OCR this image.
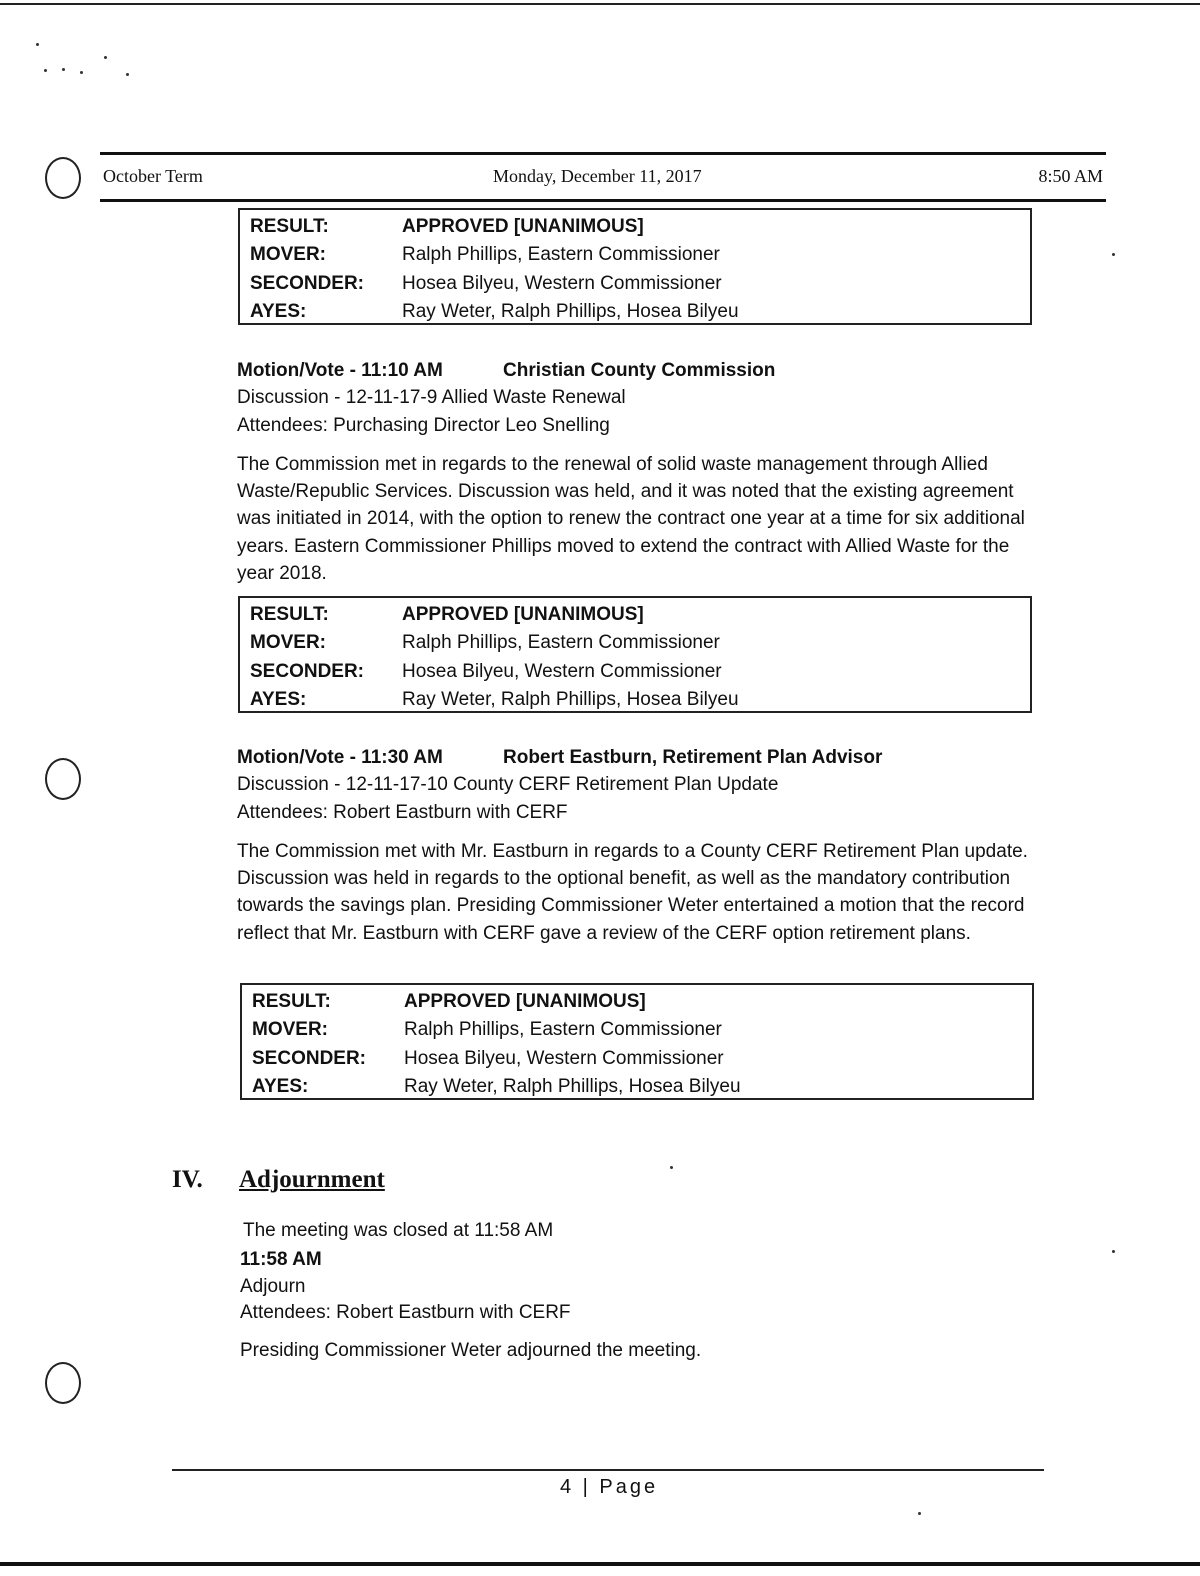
October Term	Monday, December 11, 2017	8:50 AM
RESULT:	APPROVED [UNANIMOUS]
MOVER:	Ralph Phillips, Eastern Commissioner
SECONDER: Hosea Bilyeu, Western Commissioner
AYES:	Ray Weter, Ralph Phillips, Hosea Bilyeu
Motion/Vote - 11:10 AM	Christian County Commission
Discussion - 12-11-17-9 Allied Waste Renewal
Attendees: Purchasing Director Leo Snelling
The Commission met in regards to the renewal of solid waste management through Allied Waste/Republic Services. Discussion was held, and it was noted that the existing agreement was initiated in 2014, with the option to renew the contract one year at a time for six additional years. Eastern Commissioner Phillips moved to extend the contract with Allied Waste for the year 2018.
RESULT:	APPROVED [UNANIMOUS]
MOVER:	Ralph Phillips, Eastern Commissioner
SECONDER: Hosea Bilyeu, Western Commissioner
AYES:	Ray Weter, Ralph Phillips, Hosea Bilyeu
Motion/Vote - 11:30 AM	Robert Eastburn, Retirement Plan Advisor
Discussion - 12-11-17-10 County CERF Retirement Plan Update
Attendees: Robert Eastburn with CERF
The Commission met with Mr. Eastburn in regards to a County CERF Retirement Plan update. Discussion was held in regards to the optional benefit, as well as the mandatory contribution towards the savings plan. Presiding Commissioner Weter entertained a motion that the record reflect that Mr. Eastburn with CERF gave a review of the CERF option retirement plans.
RESULT:	APPROVED [UNANIMOUS]
MOVER:	Ralph Phillips, Eastern Commissioner
SECONDER: Hosea Bilyeu, Western Commissioner
AYES:	Ray Weter, Ralph Phillips, Hosea Bilyeu
IV. Adjournment
The meeting was closed at 11:58 AM
11:58 AM
Adjourn
Attendees: Robert Eastburn with CERF
Presiding Commissioner Weter adjourned the meeting.
4 | Page
